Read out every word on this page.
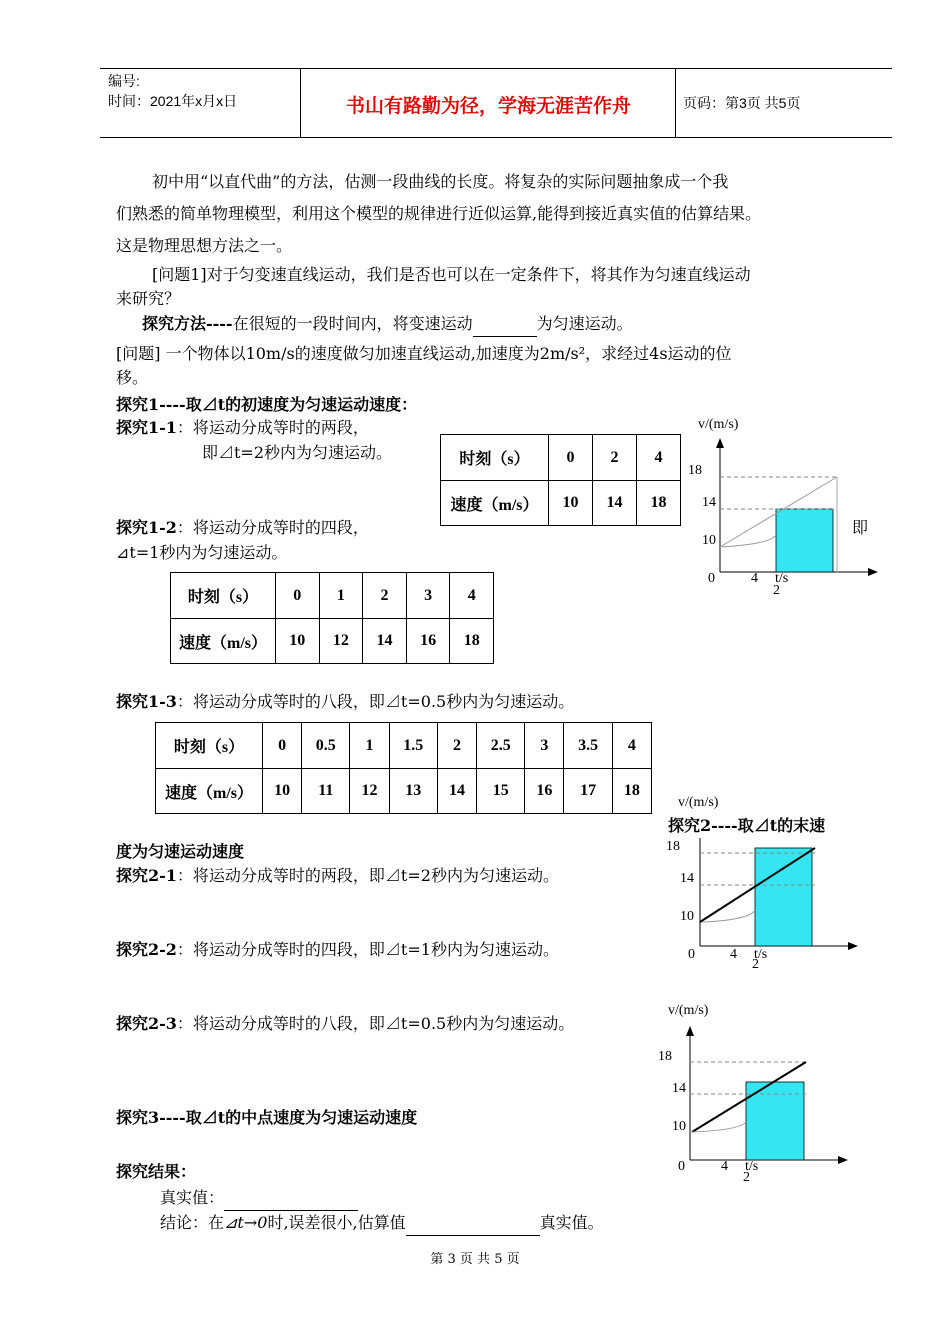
编号:
时间：2021年x月x日	书山有路勤为径，学海无涯苦作舟	页码：第3页 共5页

初中用“以直代曲”的方法，估测一段曲线的长度。将复杂的实际问题抽象成一个我

们熟悉的简单物理模型，利用这个模型的规律进行近似运算,能得到接近真实值的估算结果。

这是物理思想方法之一。

[问题1]对于匀变速直线运动，我们是否也可以在一定条件下，将其作为匀速直线运动

来研究？

探究方法----在很短的一段时间内，将变速运动	为匀速运动。

[问题] 一个物体以10m/s的速度做匀加速直线运动,加速度为2m/s²，求经过4s运动的位

移。

探究1----取⊿t的初速度为匀速运动速度：

探究1-1：将运动分成等时的两段，

即⊿t=2秒内为匀速运动。	时刻（s）	0	2	4
速度（m/s）	10	14	18

探究1-2：将运动分成等时的四段，

⊿t=1秒内为匀速运动。

时刻（s）	0	1	2	3	4
速度（m/s）	10	12	14	16	18

探究1-3：将运动分成等时的八段，即⊿t=0.5秒内为匀速运动。

时刻（s）	0	0.5	1	1.5	2	2.5	3	3.5	4
速度（m/s）	10	11	12	13	14	15	16	17	18
v/(m/s)
18
14
10
0	4 t/s
2

即

v/(m/s)
18
14
10
0	4 t/s
2

探究2----取⊿t的末速

度为匀速运动速度

探究2-1：将运动分成等时的两段，即⊿t=2秒内为匀速运动。

探究2-2：将运动分成等时的四段，即⊿t=1秒内为匀速运动。

探究2-3：将运动分成等时的八段，即⊿t=0.5秒内为匀速运动。

v/(m/s)
18
14
10
0	4 t/s
2

探究3----取⊿t的中点速度为匀速运动速度

探究结果：

真实值：

结论：在⊿t→0时,误差很小,估算值	真实值。

第 3 页 共 5 页
